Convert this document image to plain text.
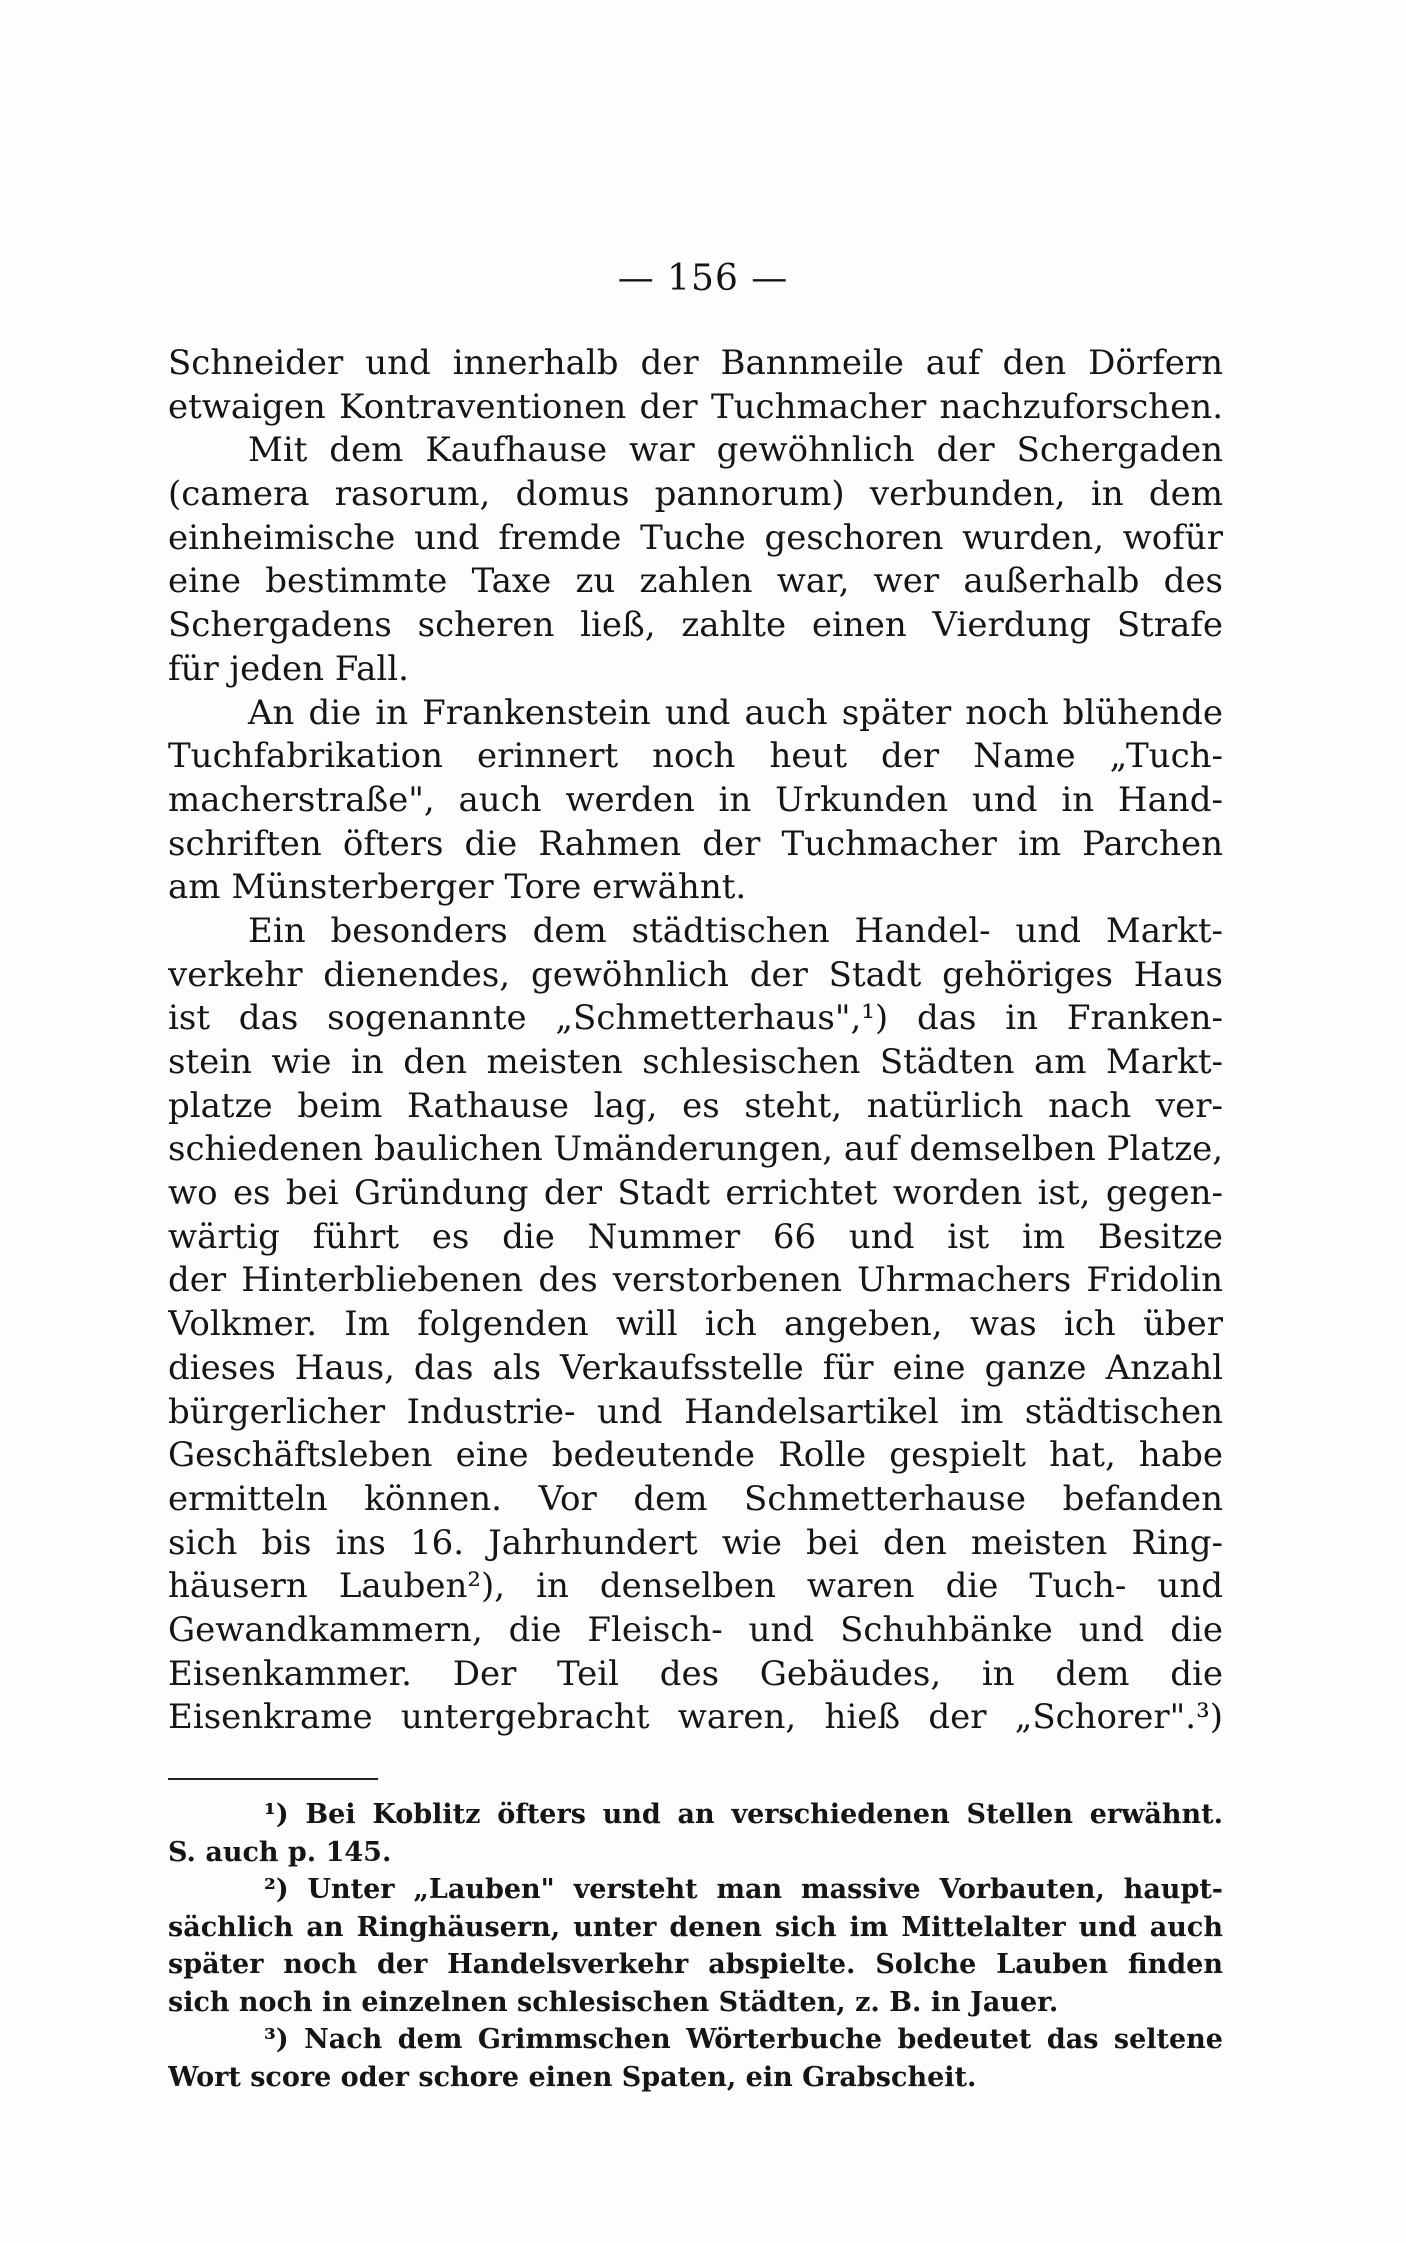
— 156 —
Schneider und innerhalb der Bannmeile auf den Dörfern
etwaigen Kontraventionen der Tuchmacher nachzuforschen.
Mit dem Kaufhause war gewöhnlich der Schergaden
(camera rasorum, domus pannorum) verbunden, in dem
einheimische und fremde Tuche geschoren wurden, wofür
eine bestimmte Taxe zu zahlen war, wer außerhalb des
Schergadens scheren ließ, zahlte einen Vierdung Strafe
für jeden Fall.
An die in Frankenstein und auch später noch blühende
Tuchfabrikation erinnert noch heut der Name „Tuch-
macherstraße", auch werden in Urkunden und in Hand-
schriften öfters die Rahmen der Tuchmacher im Parchen
am Münsterberger Tore erwähnt.
Ein besonders dem städtischen Handel- und Markt-
verkehr dienendes, gewöhnlich der Stadt gehöriges Haus
ist das sogenannte „Schmetterhaus",¹) das in Franken-
stein wie in den meisten schlesischen Städten am Markt-
platze beim Rathause lag, es steht, natürlich nach ver-
schiedenen baulichen Umänderungen, auf demselben Platze,
wo es bei Gründung der Stadt errichtet worden ist, gegen-
wärtig führt es die Nummer 66 und ist im Besitze
der Hinterbliebenen des verstorbenen Uhrmachers Fridolin
Volkmer. Im folgenden will ich angeben, was ich über
dieses Haus, das als Verkaufsstelle für eine ganze Anzahl
bürgerlicher Industrie- und Handelsartikel im städtischen
Geschäftsleben eine bedeutende Rolle gespielt hat, habe
ermitteln können. Vor dem Schmetterhause befanden
sich bis ins 16. Jahrhundert wie bei den meisten Ring-
häusern Lauben²), in denselben waren die Tuch- und
Gewandkammern, die Fleisch- und Schuhbänke und die
Eisenkammer. Der Teil des Gebäudes, in dem die
Eisenkrame untergebracht waren, hieß der „Schorer".³)
¹) Bei Koblitz öfters und an verschiedenen Stellen erwähnt.
S. auch p. 145.
²) Unter „Lauben" versteht man massive Vorbauten, haupt-
sächlich an Ringhäusern, unter denen sich im Mittelalter und auch
später noch der Handelsverkehr abspielte. Solche Lauben finden
sich noch in einzelnen schlesischen Städten, z. B. in Jauer.
³) Nach dem Grimmschen Wörterbuche bedeutet das seltene
Wort score oder schore einen Spaten, ein Grabscheit.
